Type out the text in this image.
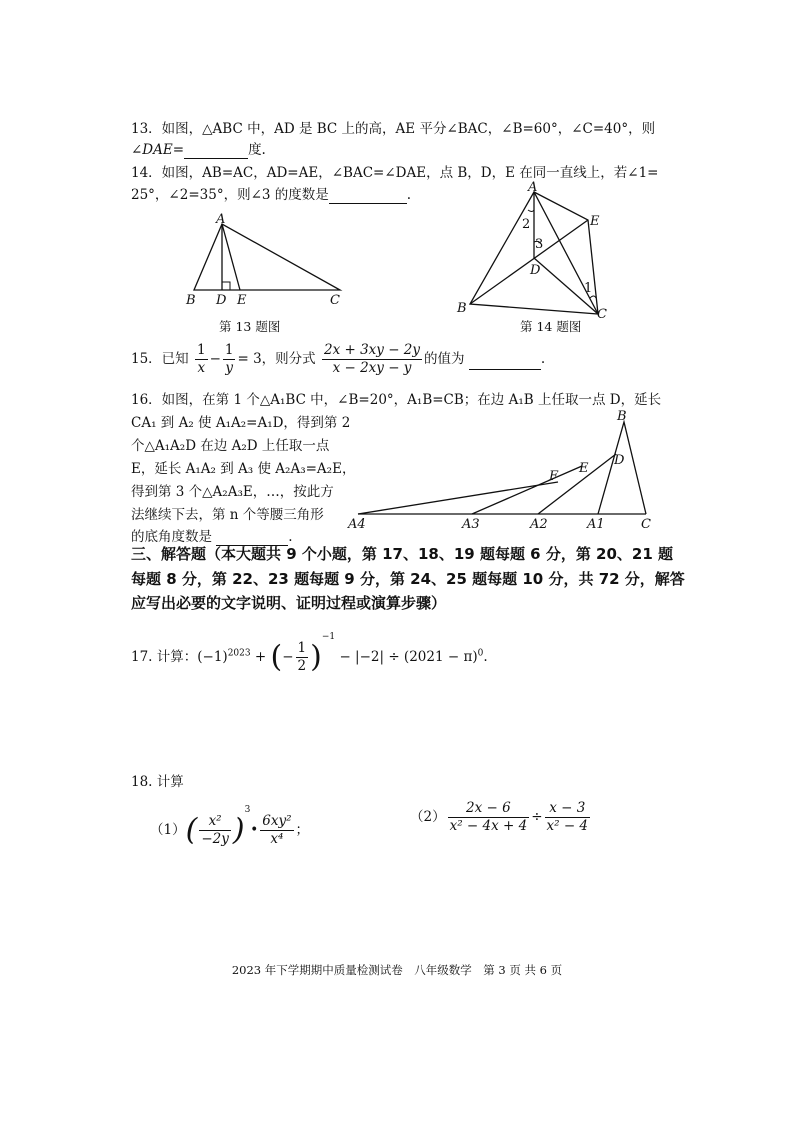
13．如图，△ABC 中，AD 是 BC 上的高，AE 平分∠BAC，∠B=60°，∠C=40°，则
∠DAE=	度.
14．如图，AB=AC，AD=AE，∠BAC=∠DAE，点 B，D，E 在同一直线上，若∠1=
25°，∠2=35°，则∠3 的度数是	.
A
B D E	C
第 13 题图
A
E
D
B	C
2
3
1
第 14 题图
15．已知 $\frac{1}{x} - \frac{1}{y} = 3$，则分式 $\frac{2x + 3xy - 2y}{x - 2xy - y}$ 的值为	.
16．如图，在第 1 个△A₁BC 中，∠B=20°，A₁B=CB；在边 A₁B 上任取一点 D，延长
CA₁ 到 A₂ 使 A₁A₂=A₁D，得到第 2
个△A₁A₂D 在边 A₂D 上任取一点
E，延长 A₁A₂ 到 A₃ 使 A₂A₃=A₂E，
得到第 3 个△A₂A₃E，…，按此方
法继续下去，第 n 个等腰三角形
的底角度数是	.
B
D
E
F
A4	A3	A2	A1	C
三、解答题（本大题共 9 个小题，第 17、18、19 题每题 6 分，第 20、21 题
每题 8 分，第 22、23 题每题 9 分，第 24、25 题每题 10 分，共 72 分，解答
应写出必要的文字说明、证明过程或演算步骤）
17. 计算：$(-1)^{2023}$ + (− $\frac{1}{2} )^{-1} - |-2| \div (2021 - \pi)^0$.
18. 计算
$(1)( \frac{\text{x²}}{-2y}$ )$^3• \frac{\text{6xy²}}{\text{x⁴}}$ ；
$(2) \frac{2x - 6}{\text{x² − 4x + 4}} \div \frac{x - 3}{\text{x² − 4}}$
2023 年下学期期中质量检测试卷　八年级数学　第 3 页 共 6 页
